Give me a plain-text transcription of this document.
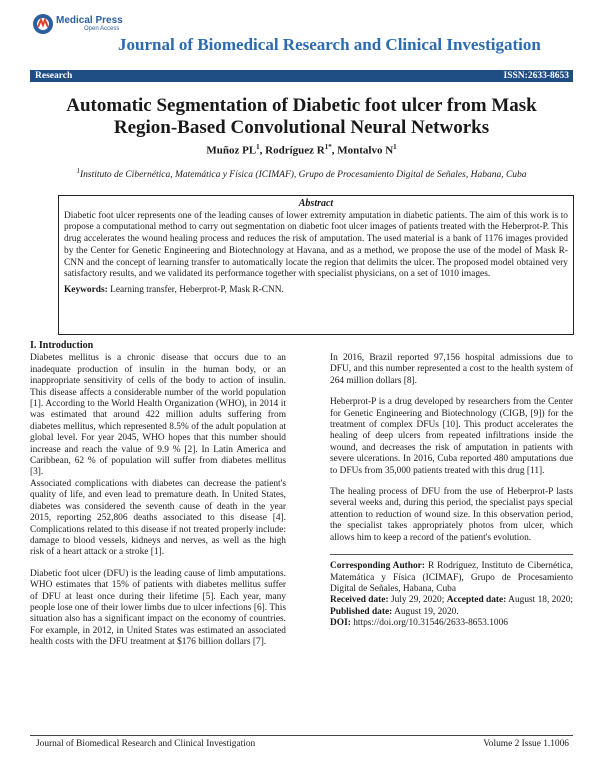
Medical Press
Open Access
Journal of Biomedical Research and Clinical Investigation
Research	ISSN:2633-8653
Automatic Segmentation of Diabetic foot ulcer from Mask
Region-Based Convolutional Neural Networks
Muñoz $PL^1$, Rodríguez $R^{1*}$, Montalvo $N^1$
$^1$Instituto de Cibernética, Matemática y Física (ICIMAF), Grupo de Procesamiento Digital de Señales, Habana, Cuba
Abstract
Diabetic foot ulcer represents one of the leading causes of lower extremity amputation in diabetic patients. The aim of this work is to propose a computational method to carry out segmentation on diabetic foot ulcer images of patients treated with the Heberprot-P. This drug accelerates the wound healing process and reduces the risk of amputation. The used material is a bank of 1176 images provided by the Center for Genetic Engineering and Biotechnology at Havana, and as a method, we propose the use of the model of Mask R-CNN and the concept of learning transfer to automatically locate the region that delimits the ulcer. The proposed model obtained very satisfactory results, and we validated its performance together with specialist physicians, on a set of 1010 images.
Keywords: Learning transfer, Heberprot-P, Mask R-CNN.
I. Introduction

Diabetes mellitus is a chronic disease that occurs due to an inadequate production of insulin in the human body, or an inappropriate sensitivity of cells of the body to action of insulin. This disease affects a considerable number of the world population [1]. According to the World Health Organization (WHO), in 2014 it was estimated that around 422 million adults suffering from diabetes mellitus, which represented 8.5% of the adult population at global level. For year 2045, WHO hopes that this number should increase and reach the value of 9.9 % [2]. In Latin America and Caribbean, 62 % of population will suffer from diabetes mellitus [3].

Associated complications with diabetes can decrease the patient's quality of life, and even lead to premature death. In United States, diabetes was considered the seventh cause of death in the year 2015, reporting 252,806 deaths associated to this disease [4]. Complications related to this disease if not treated properly include: damage to blood vessels, kidneys and nerves, as well as the high risk of a heart attack or a stroke [1].

Diabetic foot ulcer (DFU) is the leading cause of limb amputations. WHO estimates that 15% of patients with diabetes mellitus suffer of DFU at least once during their lifetime [5]. Each year, many people lose one of their lower limbs due to ulcer infections [6]. This situation also has a significant impact on the economy of countries. For example, in 2012, in United States was estimated an associated health costs with the DFU treatment at $176 billion dollars [7].

In 2016, Brazil reported 97,156 hospital admissions due to DFU, and this number represented a cost to the health system of 264 million dollars [8].

Heberprot-P is a drug developed by researchers from the Center for Genetic Engineering and Biotechnology (CIGB, [9]) for the treatment of complex DFUs [10]. This product accelerates the healing of deep ulcers from repeated infiltrations inside the wound, and decreases the risk of amputation in patients with severe ulcerations. In 2016, Cuba reported 480 amputations due to DFUs from 35,000 patients treated with this drug [11].

The healing process of DFU from the use of Heberprot-P lasts several weeks and, during this period, the specialist pays special attention to reduction of wound size. In this observation period, the specialist takes appropriately photos from ulcer, which allows him to keep a record of the patient's evolution.

Corresponding Author: R Rodríguez, Instituto de Cibernética, Matemática y Física (ICIMAF), Grupo de Procesamiento Digital de Señales, Habana, Cuba
Received date: July 29, 2020; Accepted date: August 18, 2020; Published date: August 19, 2020.
DOI: https://doi.org/10.31546/2633-8653.1006
Journal of Biomedical Research and Clinical Investigation	Volume 2 Issue 1.1006
